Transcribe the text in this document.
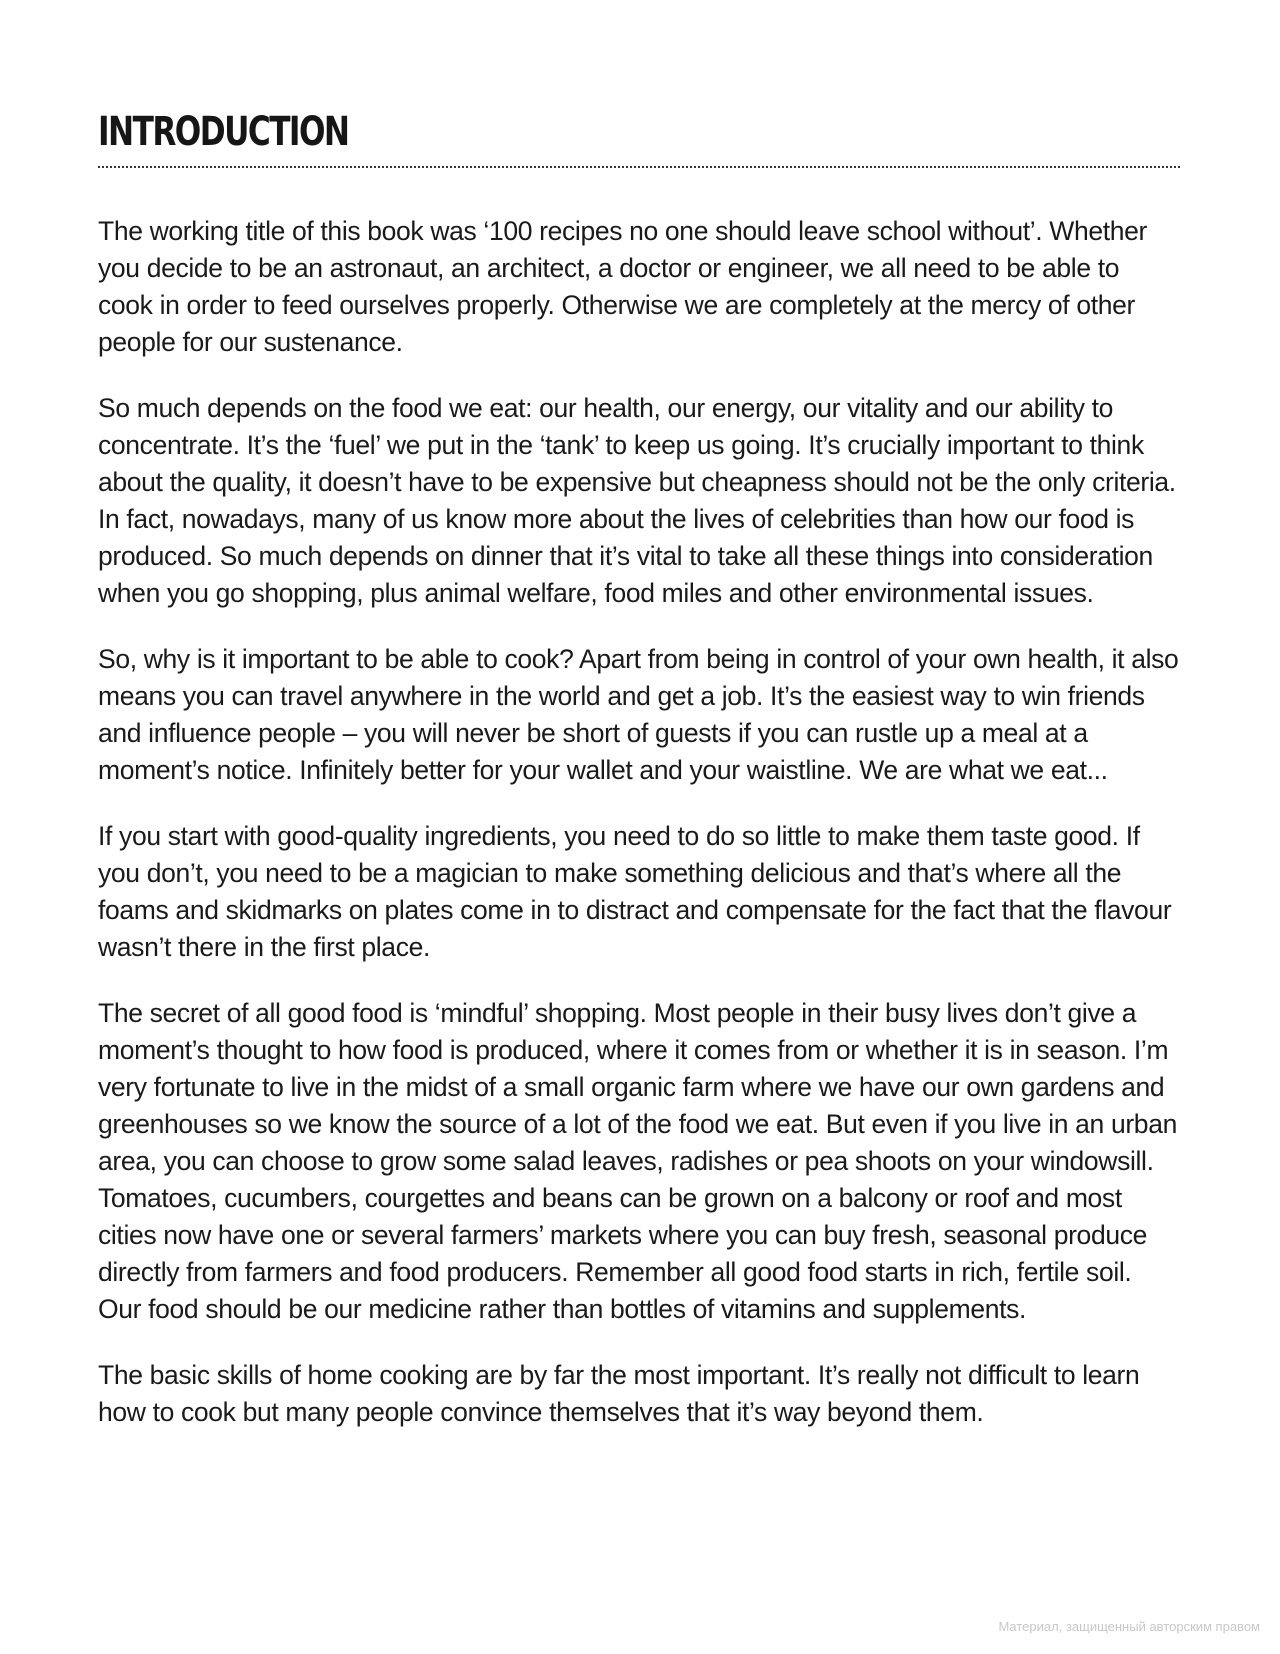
INTRODUCTION

The working title of this book was ‘100 recipes no one should leave school without’. Whether you decide to be an astronaut, an architect, a doctor or engineer, we all need to be able to cook in order to feed ourselves properly. Otherwise we are completely at the mercy of other people for our sustenance.

So much depends on the food we eat: our health, our energy, our vitality and our ability to concentrate. It’s the ‘fuel’ we put in the ‘tank’ to keep us going. It’s crucially important to think about the quality, it doesn’t have to be expensive but cheapness should not be the only criteria. In fact, nowadays, many of us know more about the lives of celebrities than how our food is produced. So much depends on dinner that it’s vital to take all these things into consideration when you go shopping, plus animal welfare, food miles and other environmental issues.

So, why is it important to be able to cook? Apart from being in control of your own health, it also means you can travel anywhere in the world and get a job. It’s the easiest way to win friends and influence people – you will never be short of guests if you can rustle up a meal at a moment’s notice. Infinitely better for your wallet and your waistline. We are what we eat...

If you start with good-quality ingredients, you need to do so little to make them taste good. If you don’t, you need to be a magician to make something delicious and that’s where all the foams and skidmarks on plates come in to distract and compensate for the fact that the flavour wasn’t there in the first place.

The secret of all good food is ‘mindful’ shopping. Most people in their busy lives don’t give a moment’s thought to how food is produced, where it comes from or whether it is in season. I’m very fortunate to live in the midst of a small organic farm where we have our own gardens and greenhouses so we know the source of a lot of the food we eat. But even if you live in an urban area, you can choose to grow some salad leaves, radishes or pea shoots on your windowsill. Tomatoes, cucumbers, courgettes and beans can be grown on a balcony or roof and most cities now have one or several farmers’ markets where you can buy fresh, seasonal produce directly from farmers and food producers. Remember all good food starts in rich, fertile soil. Our food should be our medicine rather than bottles of vitamins and supplements.

The basic skills of home cooking are by far the most important. It’s really not difficult to learn how to cook but many people convince themselves that it’s way beyond them.

Материал, защищенный авторским правом
